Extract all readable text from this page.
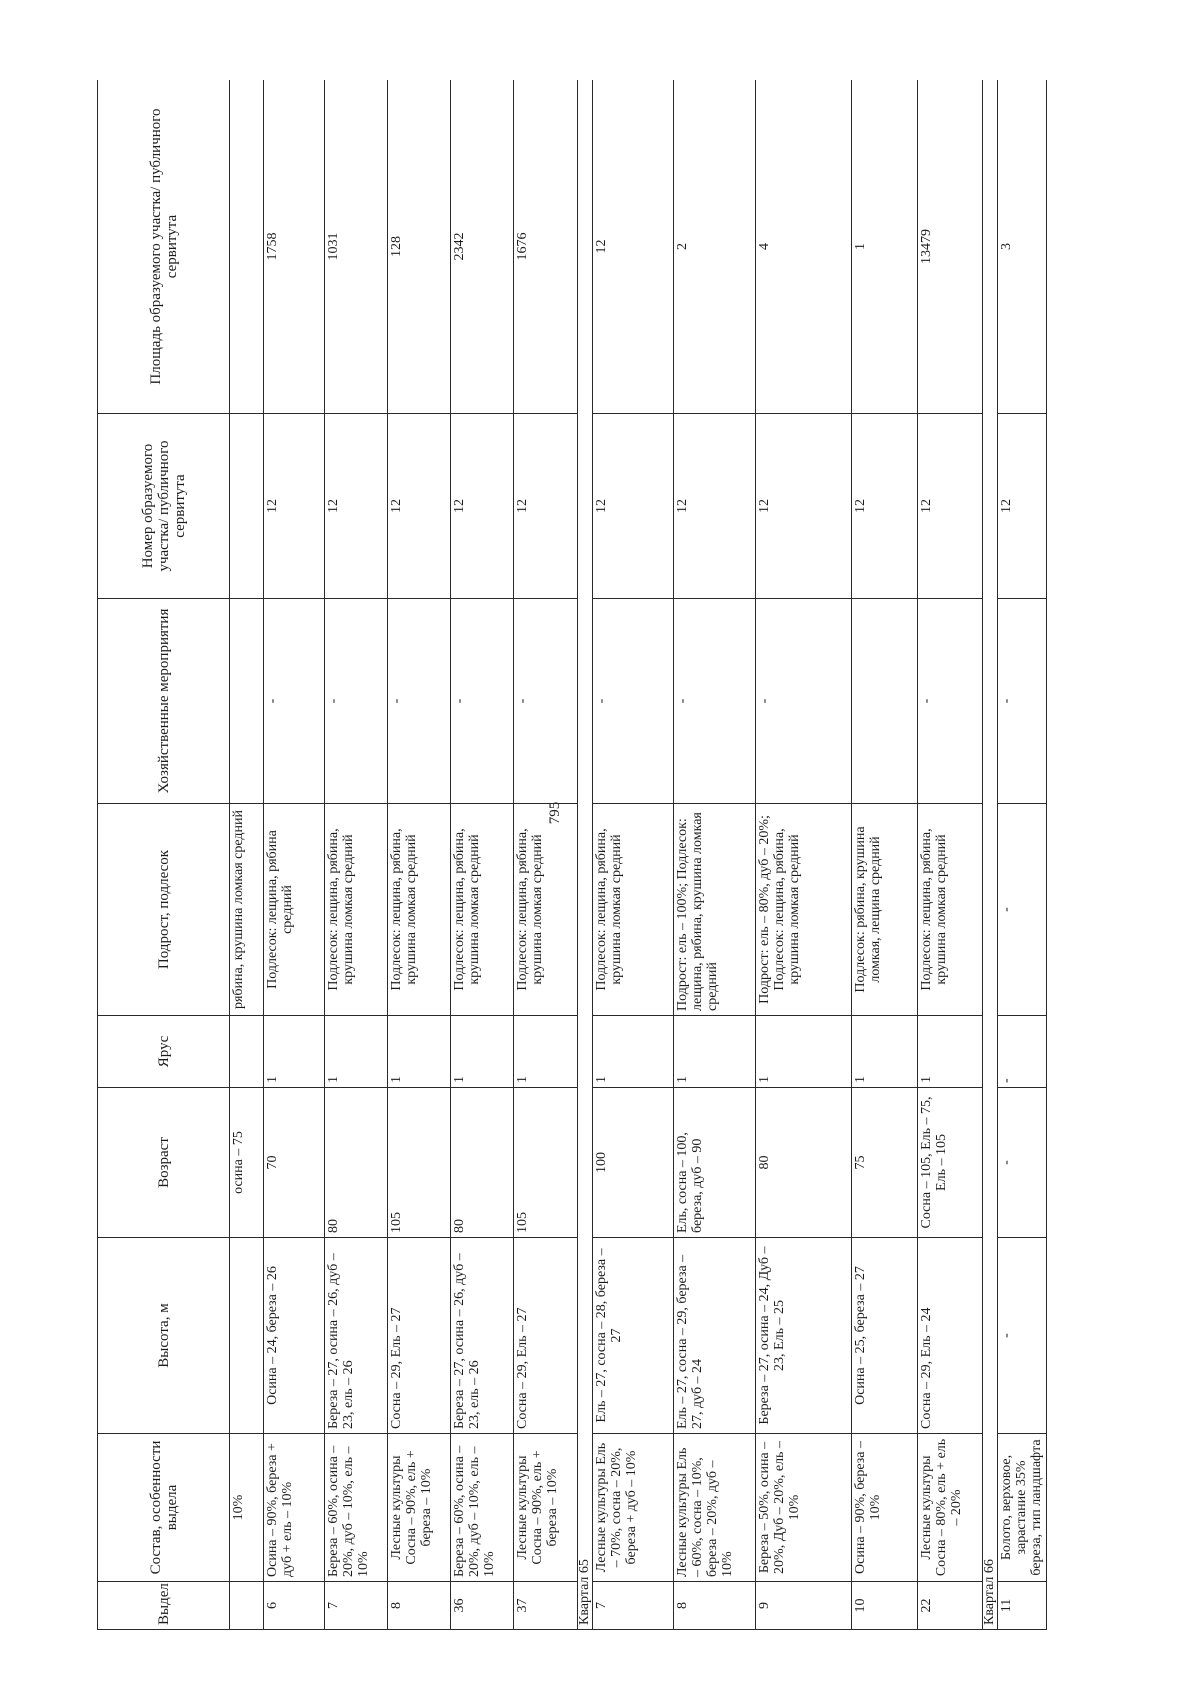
795
Выдел	Состав, особенности выдела	Высота, м	Возраст	Ярус	Подрост, подлесок	Хозяйственные мероприятия	Номер образуемого участка/ публичного сервитута	Площадь образуемого участка/ публичного сервитута
	10%		осина – 75		рябина, крушина ломкая средний			
6	Осина – 90%, береза + дуб + ель – 10%	Осина – 24, береза – 26	70	1	Подлесок: лещина, рябина средний	-	12	1758
7	Береза – 60%, осина – 20%, дуб – 10%, ель – 10%	Береза – 27, осина – 26, дуб – 23, ель – 26	80	1	Подлесок: лещина, рябина, крушина ломкая средний	-	12	1031
8	Лесные культуры Сосна – 90%, ель + береза – 10%	Сосна – 29, Ель – 27	105	1	Подлесок: лещина, рябина, крушина ломкая средний	-	12	128
36	Береза – 60%, осина – 20%, дуб – 10%, ель – 10%	Береза – 27, осина – 26, дуб – 23, ель – 26	80	1	Подлесок: лещина, рябина, крушина ломкая средний	-	12	2342
37	Лесные культуры Сосна – 90%, ель + береза – 10%	Сосна – 29, Ель – 27	105	1	Подлесок: лещина, рябина, крушина ломкая средний	-	12	1676
Квартал 65								
7	Лесные культуры Ель – 70%, сосна – 20%, береза + дуб – 10%	Ель – 27, сосна – 28, береза – 27	100	1	Подлесок: лещина, рябина, крушина ломкая средний	-	12	12
8	Лесные культуры Ель – 60%, сосна – 10%, береза – 20%, дуб – 10%	Ель – 27, сосна – 29, береза – 27, дуб – 24	Ель, сосна – 100, береза, дуб – 90	1	Подрост: ель – 100%; Подлесок: лещина, рябина, крушина ломкая средний	-	12	2
9	Береза – 50%, осина – 20%, Дуб – 20%, ель – 10%	Береза – 27, осина – 24, Дуб – 23, Ель – 25	80	1	Подрост: ель – 80%, дуб – 20%; Подлесок: лещина, рябина, крушина ломкая средний	-	12	4
10	Осина – 90%, береза – 10%	Осина – 25, береза – 27	75	1	Подлесок: рябина, крушина ломкая, лещина средний		12	1
22	Лесные культуры Сосна – 80%, ель + ель – 20%	Сосна – 29, Ель – 24	Сосна – 105, Ель – 75, Ель – 105	1	Подлесок: лещина, рябина, крушина ломкая средний	-	12	13479
Квартал 66								
11	Болото, верховое, зарастание 35% береза, тип ландшафта	-	-	-	-	-	12	3
